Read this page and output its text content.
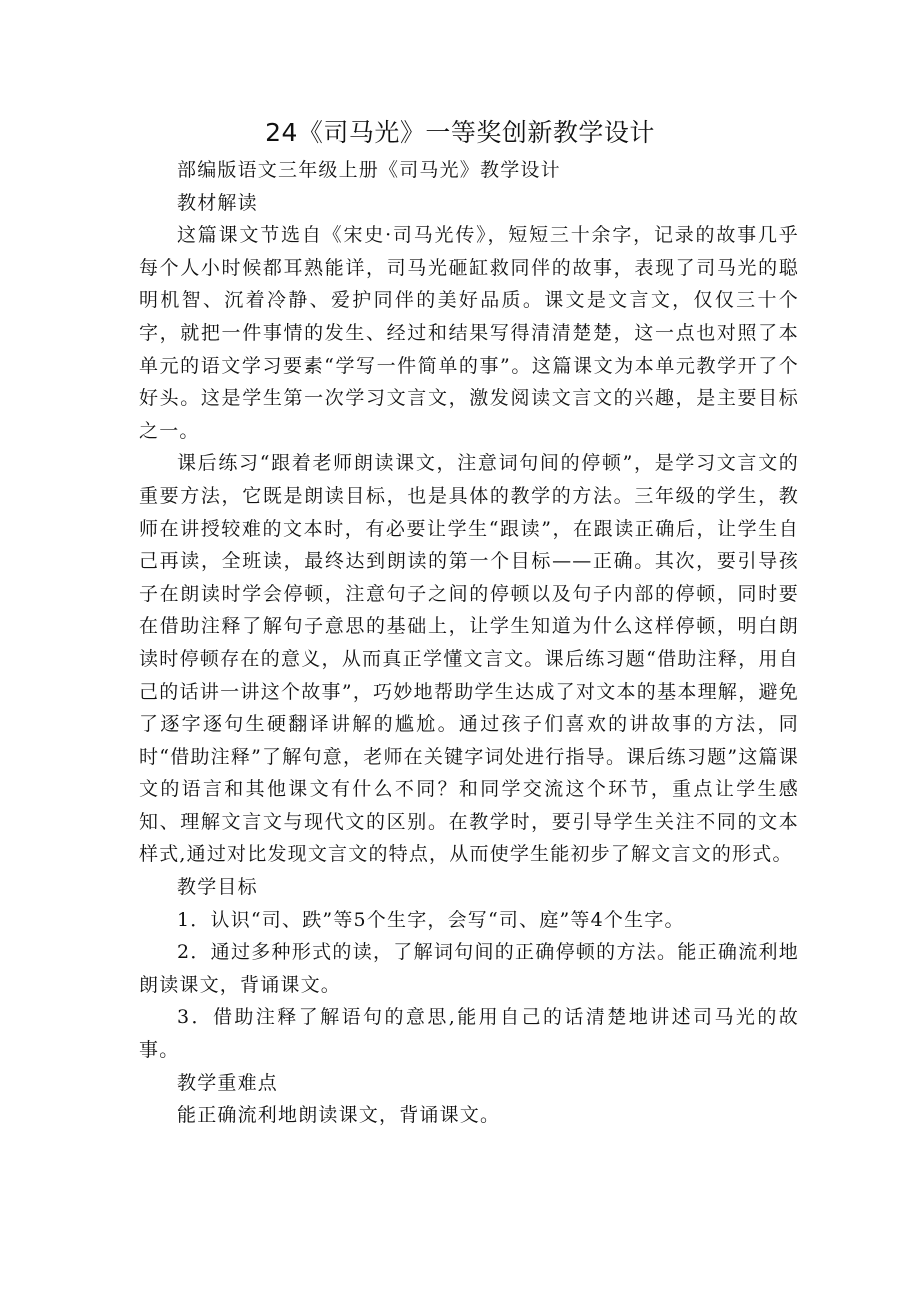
24《司马光》一等奖创新教学设计

部编版语文三年级上册《司马光》教学设计

教材解读

这篇课文节选自《宋史·司马光传》，短短三十余字，记录的故事几乎每个人小时候都耳熟能详，司马光砸缸救同伴的故事，表现了司马光的聪明机智、沉着冷静、爱护同伴的美好品质。课文是文言文，仅仅三十个字，就把一件事情的发生、经过和结果写得清清楚楚，这一点也对照了本单元的语文学习要素“学写一件简单的事”。这篇课文为本单元教学开了个好头。这是学生第一次学习文言文，激发阅读文言文的兴趣，是主要目标之一。

课后练习“跟着老师朗读课文，注意词句间的停顿”，是学习文言文的重要方法，它既是朗读目标，也是具体的教学的方法。三年级的学生，教师在讲授较难的文本时，有必要让学生“跟读”，在跟读正确后，让学生自己再读，全班读，最终达到朗读的第一个目标——正确。其次，要引导孩子在朗读时学会停顿，注意句子之间的停顿以及句子内部的停顿，同时要在借助注释了解句子意思的基础上，让学生知道为什么这样停顿，明白朗读时停顿存在的意义，从而真正学懂文言文。课后练习题“借助注释，用自己的话讲一讲这个故事”，巧妙地帮助学生达成了对文本的基本理解，避免了逐字逐句生硬翻译讲解的尴尬。通过孩子们喜欢的讲故事的方法，同时“借助注释”了解句意，老师在关键字词处进行指导。课后练习题”这篇课文的语言和其他课文有什么不同？和同学交流这个环节，重点让学生感知、理解文言文与现代文的区别。在教学时，要引导学生关注不同的文本样式,通过对比发现文言文的特点，从而使学生能初步了解文言文的形式。

教学目标

1．认识“司、跌”等5个生字，会写“司、庭”等4个生字。

2．通过多种形式的读，了解词句间的正确停顿的方法。能正确流利地朗读课文，背诵课文。

3．借助注释了解语句的意思,能用自己的话清楚地讲述司马光的故事。

教学重难点

能正确流利地朗读课文，背诵课文。
